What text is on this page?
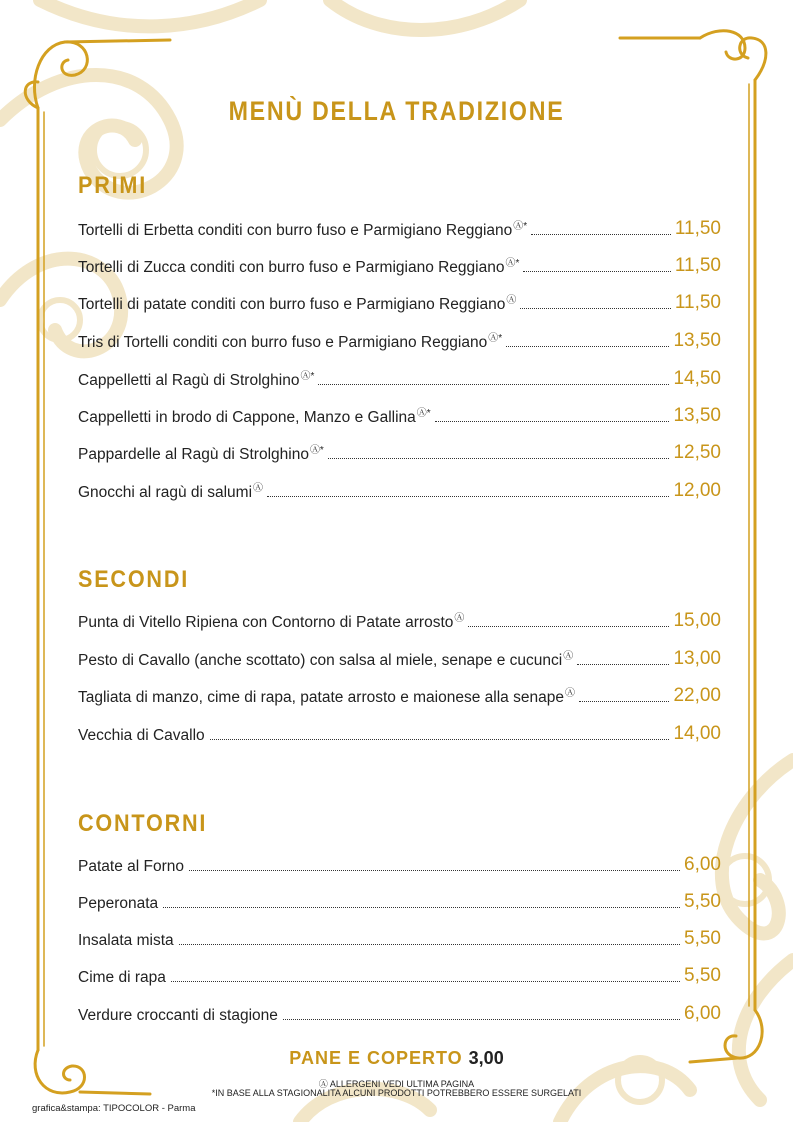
MENÙ DELLA TRADIZIONE
PRIMI
Tortelli di Erbetta conditi con burro fuso e Parmigiano ReggianoⒶ*	11,50
Tortelli di Zucca conditi con burro fuso e Parmigiano ReggianoⒶ*	11,50
Tortelli di patate conditi con burro fuso e Parmigiano ReggianoⒶ	11,50
Tris di Tortelli conditi con burro fuso e Parmigiano ReggianoⒶ*	13,50
Cappelletti al Ragù di StrolghinoⒶ*	14,50
Cappelletti in brodo di Cappone, Manzo e GallinaⒶ*	13,50
Pappardelle al Ragù di StrolghinoⒶ*	12,50
Gnocchi al ragù di salumiⒶ	12,00
SECONDI
Punta di Vitello Ripiena con Contorno di Patate arrostoⒶ	15,00
Pesto di Cavallo (anche scottato) con salsa al miele, senape e cucunciⒶ	13,00
Tagliata di manzo, cime di rapa, patate arrosto e maionese alla senapeⒶ	22,00
Vecchia di Cavallo	14,00
CONTORNI
Patate al Forno	6,00
Peperonata	5,50
Insalata mista	5,50
Cime di rapa	5,50
Verdure croccanti di stagione	6,00
PANE E COPERTO 3,00
Ⓐ ALLERGENI VEDI ULTIMA PAGINA
*IN BASE ALLA STAGIONALITA ALCUNI PRODOTTI POTREBBERO ESSERE SURGELATI
grafica&stampa: TIPOCOLOR - Parma
